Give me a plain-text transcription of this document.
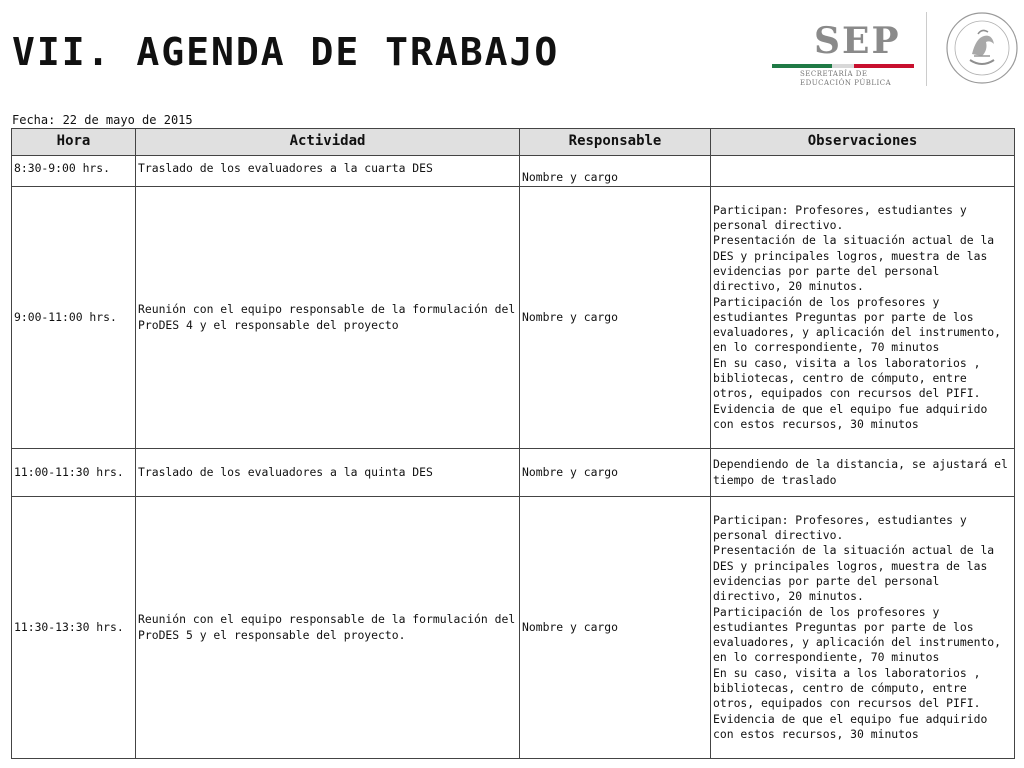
VII. AGENDA DE TRABAJO	SEP
SECRETARÍA DE
EDUCACIÓN PÚBLICA
Fecha: 22 de mayo de 2015
Hora	Actividad	Responsable	Observaciones
8:30-9:00 hrs.	Traslado de los evaluadores a la cuarta DES	Nombre y cargo	
9:00-11:00 hrs.	Reunión con el equipo responsable de la formulación del ProDES 4 y el responsable del proyecto	Nombre y cargo	Participan: Profesores, estudiantes y personal directivo.
Presentación de la situación actual de la DES y principales logros, muestra de las evidencias por parte del personal directivo, 20 minutos.
Participación de los profesores y estudiantes Preguntas por parte de los evaluadores, y aplicación del instrumento, en lo correspondiente, 70 minutos
En su caso, visita a los laboratorios , bibliotecas, centro de cómputo, entre otros, equipados con recursos del PIFI. Evidencia de que el equipo fue adquirido con estos recursos, 30 minutos
11:00-11:30 hrs.	Traslado de los evaluadores a la quinta DES	Nombre y cargo	Dependiendo de la distancia, se ajustará el tiempo de traslado
11:30-13:30 hrs.	Reunión con el equipo responsable de la formulación del ProDES 5 y el responsable del proyecto.	Nombre y cargo	Participan: Profesores, estudiantes y personal directivo.
Presentación de la situación actual de la DES y principales logros, muestra de las evidencias por parte del personal directivo, 20 minutos.
Participación de los profesores y estudiantes Preguntas por parte de los evaluadores, y aplicación del instrumento, en lo correspondiente, 70 minutos
En su caso, visita a los laboratorios , bibliotecas, centro de cómputo, entre otros, equipados con recursos del PIFI. Evidencia de que el equipo fue adquirido con estos recursos, 30 minutos
